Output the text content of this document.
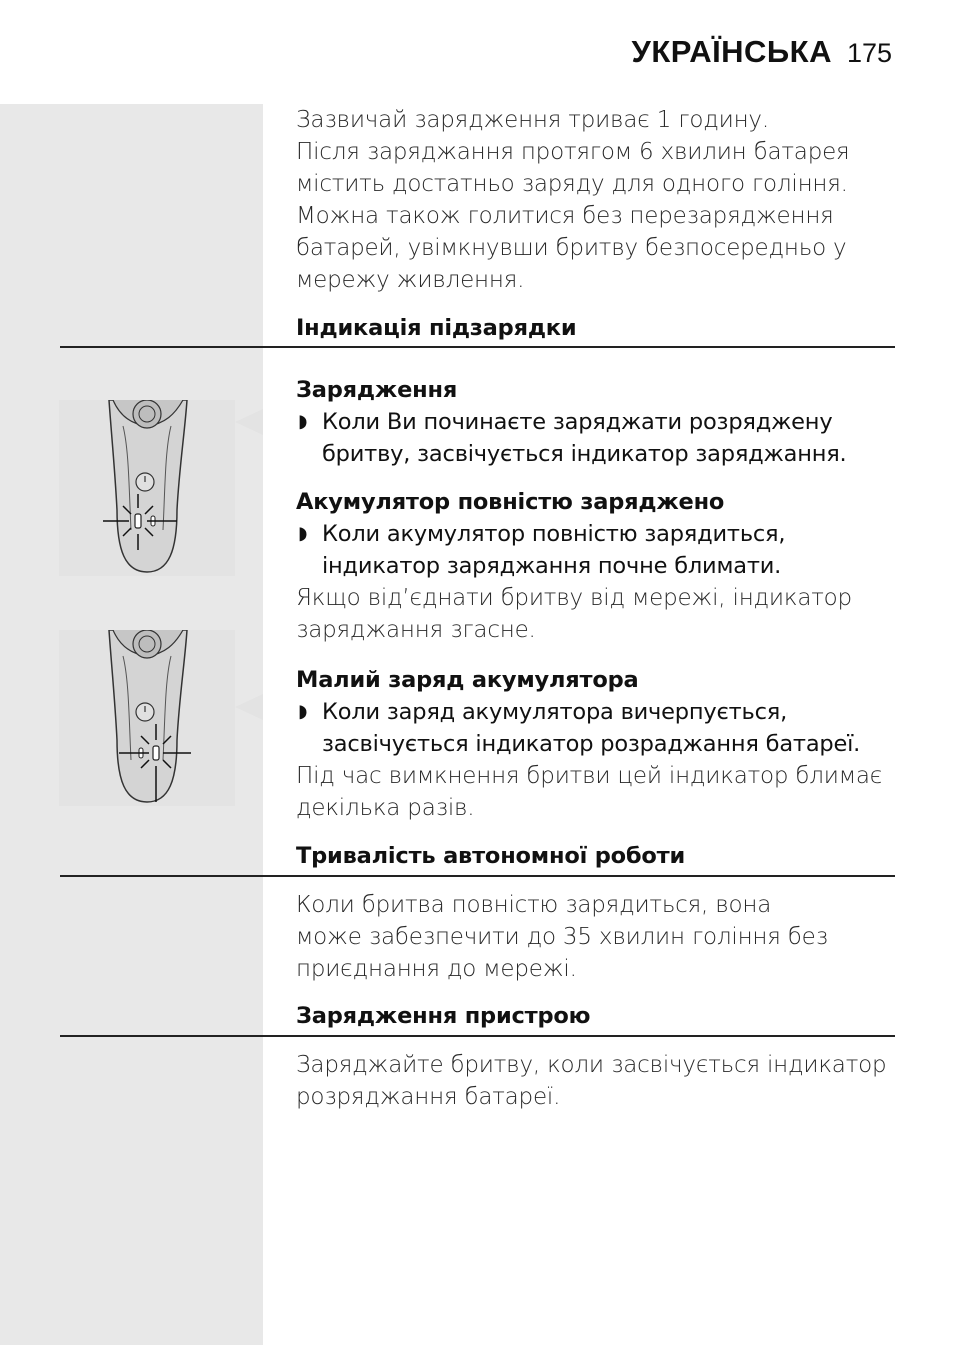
УКРАЇНСЬКА 175
Зазвичай зарядження триває 1 годину.
Після заряджання протягом 6 хвилин батарея
містить достатньо заряду для одного гоління.
Можна також голитися без перезарядження
батарей, увімкнувши бритву безпосередньо у
мережу живлення.
Індикація підзарядки
Зарядження
◗ Коли Ви починаєте заряджати розряджену
бритву, засвічується індикатор заряджання.
Акумулятор повністю заряджено
◗ Коли акумулятор повністю зарядиться,
індикатор заряджання почне блимати.
Якщо від’єднати бритву від мережі, індикатор
заряджання згасне.
Малий заряд акумулятора
◗ Коли заряд акумулятора вичерпується,
засвічується індикатор розраджання батареї.
Під час вимкнення бритви цей індикатор блимає
декілька разів.
Тривалість автономної роботи
Коли бритва повністю зарядиться, вона
може забезпечити до 35 хвилин гоління без
приєднання до мережі.
Зарядження пристрою
Заряджайте бритву, коли засвічується індикатор
розряджання батареї.
